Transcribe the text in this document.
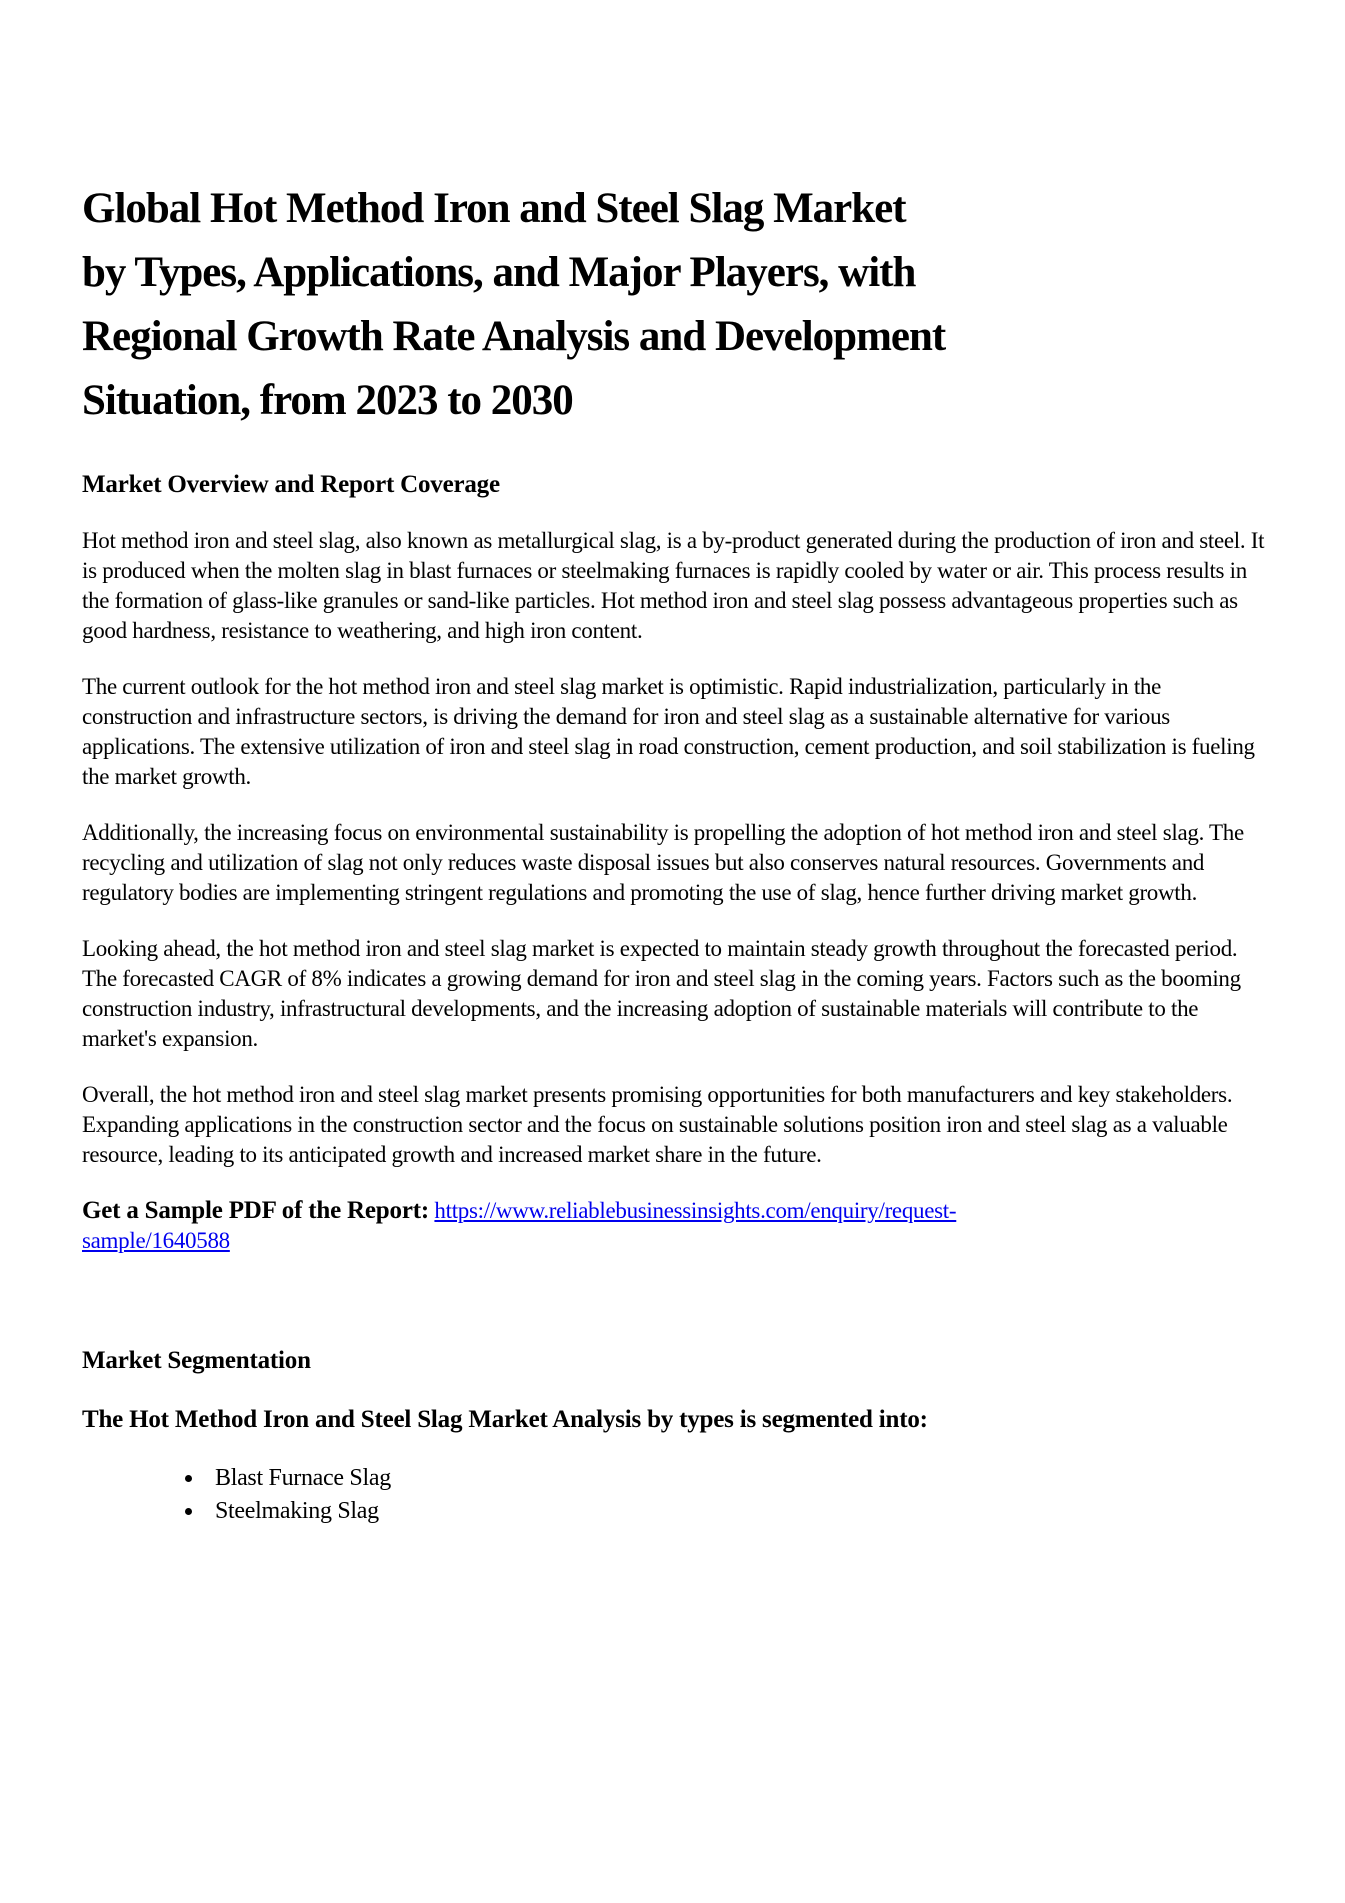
Global Hot Method Iron and Steel Slag Market
by Types, Applications, and Major Players, with
Regional Growth Rate Analysis and Development
Situation, from 2023 to 2030
Market Overview and Report Coverage

Hot method iron and steel slag, also known as metallurgical slag, is a by-product generated during the production of iron and steel. It is produced when the molten slag in blast furnaces or steelmaking furnaces is rapidly cooled by water or air. This process results in the formation of glass-like granules or sand-like particles. Hot method iron and steel slag possess advantageous properties such as good hardness, resistance to weathering, and high iron content.

The current outlook for the hot method iron and steel slag market is optimistic. Rapid industrialization, particularly in the construction and infrastructure sectors, is driving the demand for iron and steel slag as a sustainable alternative for various applications. The extensive utilization of iron and steel slag in road construction, cement production, and soil stabilization is fueling the market growth.

Additionally, the increasing focus on environmental sustainability is propelling the adoption of hot method iron and steel slag. The recycling and utilization of slag not only reduces waste disposal issues but also conserves natural resources. Governments and regulatory bodies are implementing stringent regulations and promoting the use of slag, hence further driving market growth.

Looking ahead, the hot method iron and steel slag market is expected to maintain steady growth throughout the forecasted period. The forecasted CAGR of 8% indicates a growing demand for iron and steel slag in the coming years. Factors such as the booming construction industry, infrastructural developments, and the increasing adoption of sustainable materials will contribute to the market's expansion.

Overall, the hot method iron and steel slag market presents promising opportunities for both manufacturers and key stakeholders. Expanding applications in the construction sector and the focus on sustainable solutions position iron and steel slag as a valuable resource, leading to its anticipated growth and increased market share in the future.

Get a Sample PDF of the Report: https://www.reliablebusinessinsights.com/enquiry/request-
sample/1640588

Market Segmentation
The Hot Method Iron and Steel Slag Market Analysis by types is segmented into:
• Blast Furnace Slag
• Steelmaking Slag
